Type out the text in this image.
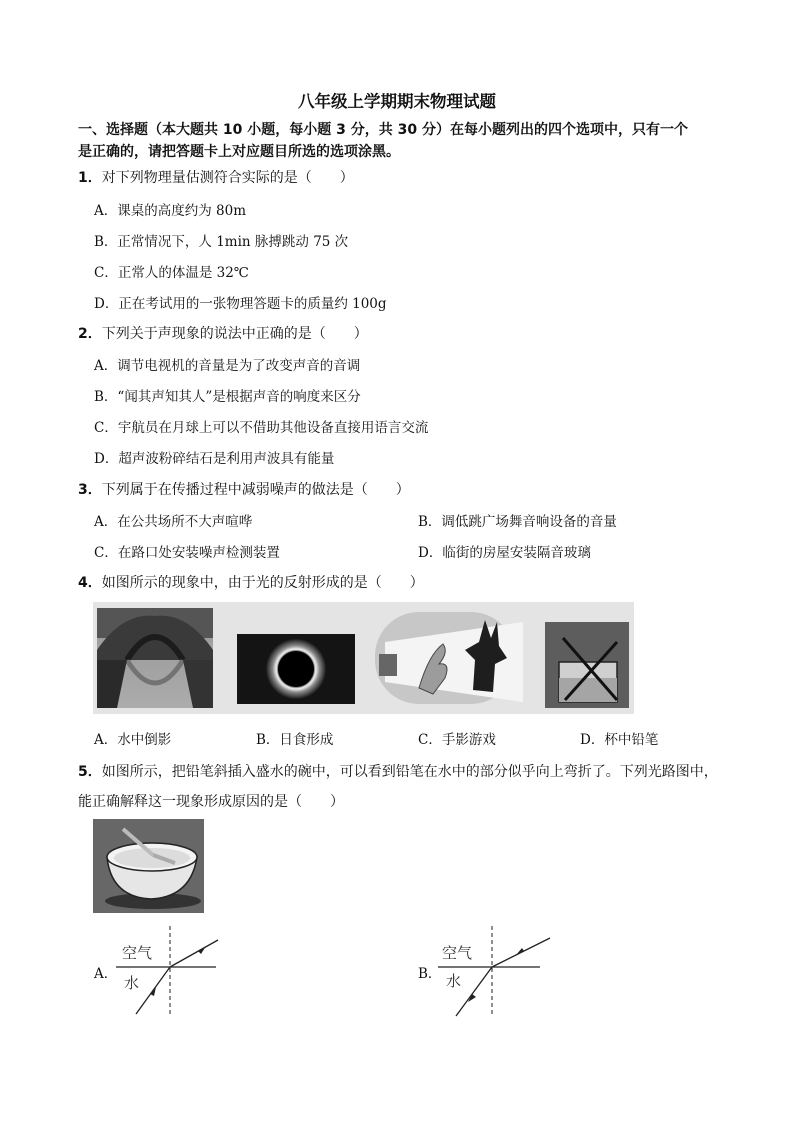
八年级上学期期末物理试题
一、选择题（本大题共 10 小题，每小题 3 分，共 30 分）在每小题列出的四个选项中，只有一个
是正确的，请把答题卡上对应题目所选的选项涂黑。
1．对下列物理量估测符合实际的是（　　）
A．课桌的高度约为 80m
B．正常情况下，人 1min 脉搏跳动 75 次
C．正常人的体温是 32℃
D．正在考试用的一张物理答题卡的质量约 100g
2．下列关于声现象的说法中正确的是（　　）
A．调节电视机的音量是为了改变声音的音调
B．“闻其声知其人”是根据声音的响度来区分
C．宇航员在月球上可以不借助其他设备直接用语言交流
D．超声波粉碎结石是利用声波具有能量
3．下列属于在传播过程中减弱噪声的做法是（　　）
A．在公共场所不大声喧哗	B．调低跳广场舞音响设备的音量
C．在路口处安装噪声检测装置	D．临街的房屋安装隔音玻璃
4．如图所示的现象中，由于光的反射形成的是（　　）
A．水中倒影	B．日食形成	C．手影游戏	D．杯中铅笔
5．如图所示，把铅笔斜插入盛水的碗中，可以看到铅笔在水中的部分似乎向上弯折了。下列光路图中，
能正确解释这一现象形成原因的是（　　）
A．
空气
水	B．
空气
水
